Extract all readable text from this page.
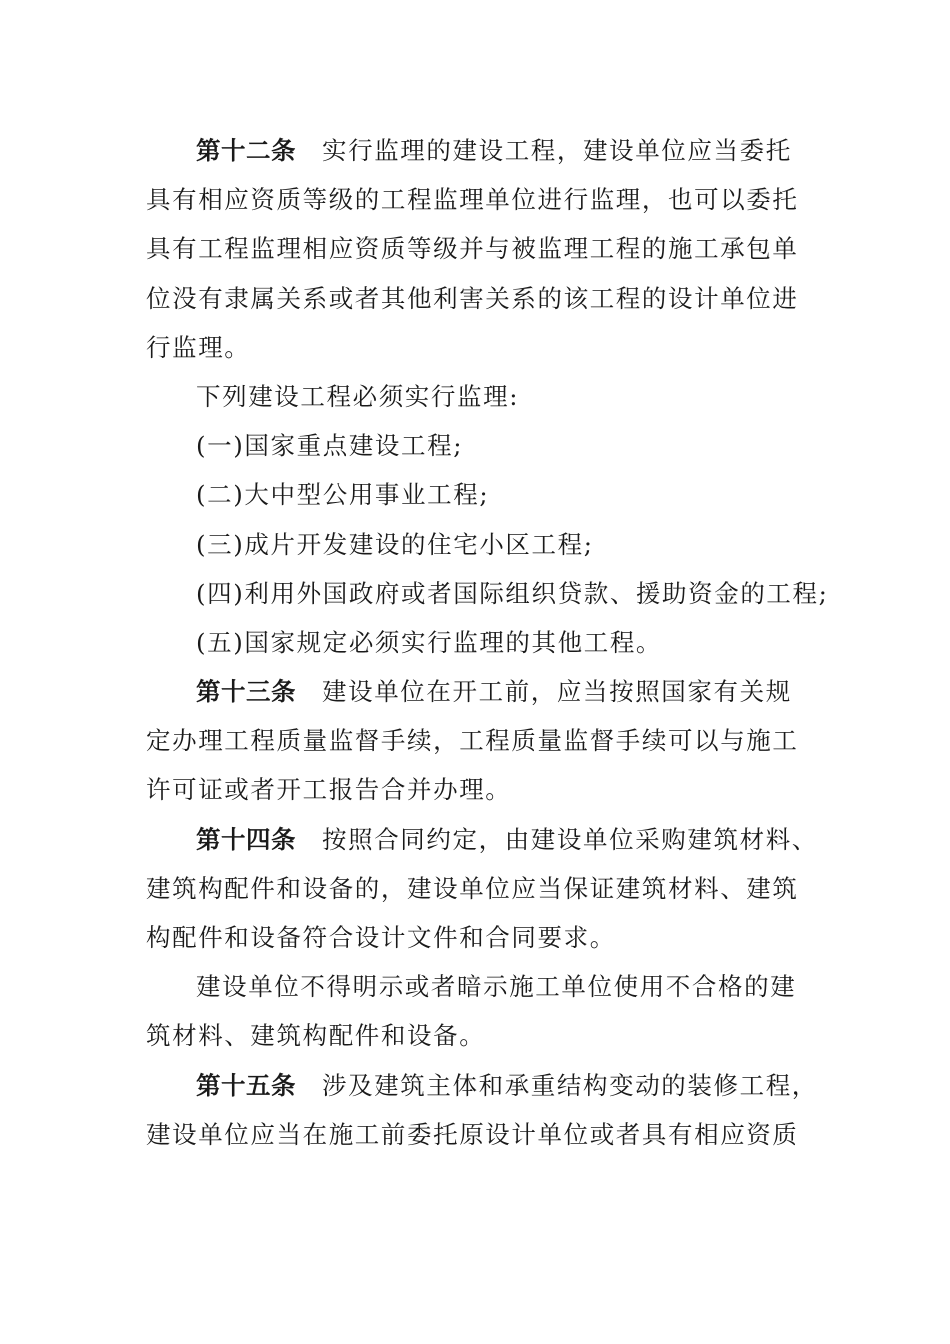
第十二条 实行监理的建设工程，建设单位应当委托
具有相应资质等级的工程监理单位进行监理，也可以委托
具有工程监理相应资质等级并与被监理工程的施工承包单
位没有隶属关系或者其他利害关系的该工程的设计单位进
行监理。
下列建设工程必须实行监理:
(一)国家重点建设工程;
(二)大中型公用事业工程;
(三)成片开发建设的住宅小区工程;
(四)利用外国政府或者国际组织贷款、援助资金的工程;
(五)国家规定必须实行监理的其他工程。
第十三条 建设单位在开工前，应当按照国家有关规
定办理工程质量监督手续，工程质量监督手续可以与施工
许可证或者开工报告合并办理。
第十四条 按照合同约定，由建设单位采购建筑材料、
建筑构配件和设备的，建设单位应当保证建筑材料、建筑
构配件和设备符合设计文件和合同要求。
建设单位不得明示或者暗示施工单位使用不合格的建
筑材料、建筑构配件和设备。
第十五条 涉及建筑主体和承重结构变动的装修工程，
建设单位应当在施工前委托原设计单位或者具有相应资质
